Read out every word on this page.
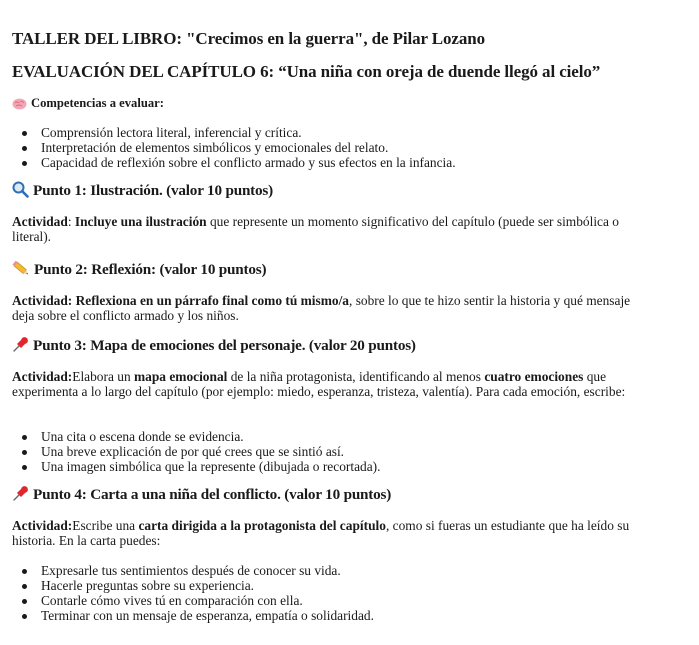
TALLER DEL LIBRO: "Crecimos en la guerra", de Pilar Lozano
EVALUACIÓN DEL CAPÍTULO 6: “Una niña con oreja de duende llegó al cielo”
Competencias a evaluar:
Comprensión lectora literal, inferencial y crítica.
Interpretación de elementos simbólicos y emocionales del relato.
Capacidad de reflexión sobre el conflicto armado y sus efectos en la infancia.
Punto 1: Ilustración. (valor 10 puntos)
Actividad: Incluye una ilustración que represente un momento significativo del capítulo (puede ser simbólica o literal).
Punto 2: Reflexión: (valor 10 puntos)
Actividad: Reflexiona en un párrafo final como tú mismo/a, sobre lo que te hizo sentir la historia y qué mensaje deja sobre el conflicto armado y los niños.
Punto 3: Mapa de emociones del personaje. (valor 20 puntos)
Actividad:Elabora un mapa emocional de la niña protagonista, identificando al menos cuatro emociones que experimenta a lo largo del capítulo (por ejemplo: miedo, esperanza, tristeza, valentía). Para cada emoción, escribe:
Una cita o escena donde se evidencia.
Una breve explicación de por qué crees que se sintió así.
Una imagen simbólica que la represente (dibujada o recortada).
Punto 4: Carta a una niña del conflicto. (valor 10 puntos)
Actividad:Escribe una carta dirigida a la protagonista del capítulo, como si fueras un estudiante que ha leído su historia. En la carta puedes:
Expresarle tus sentimientos después de conocer su vida.
Hacerle preguntas sobre su experiencia.
Contarle cómo vives tú en comparación con ella.
Terminar con un mensaje de esperanza, empatía o solidaridad.
